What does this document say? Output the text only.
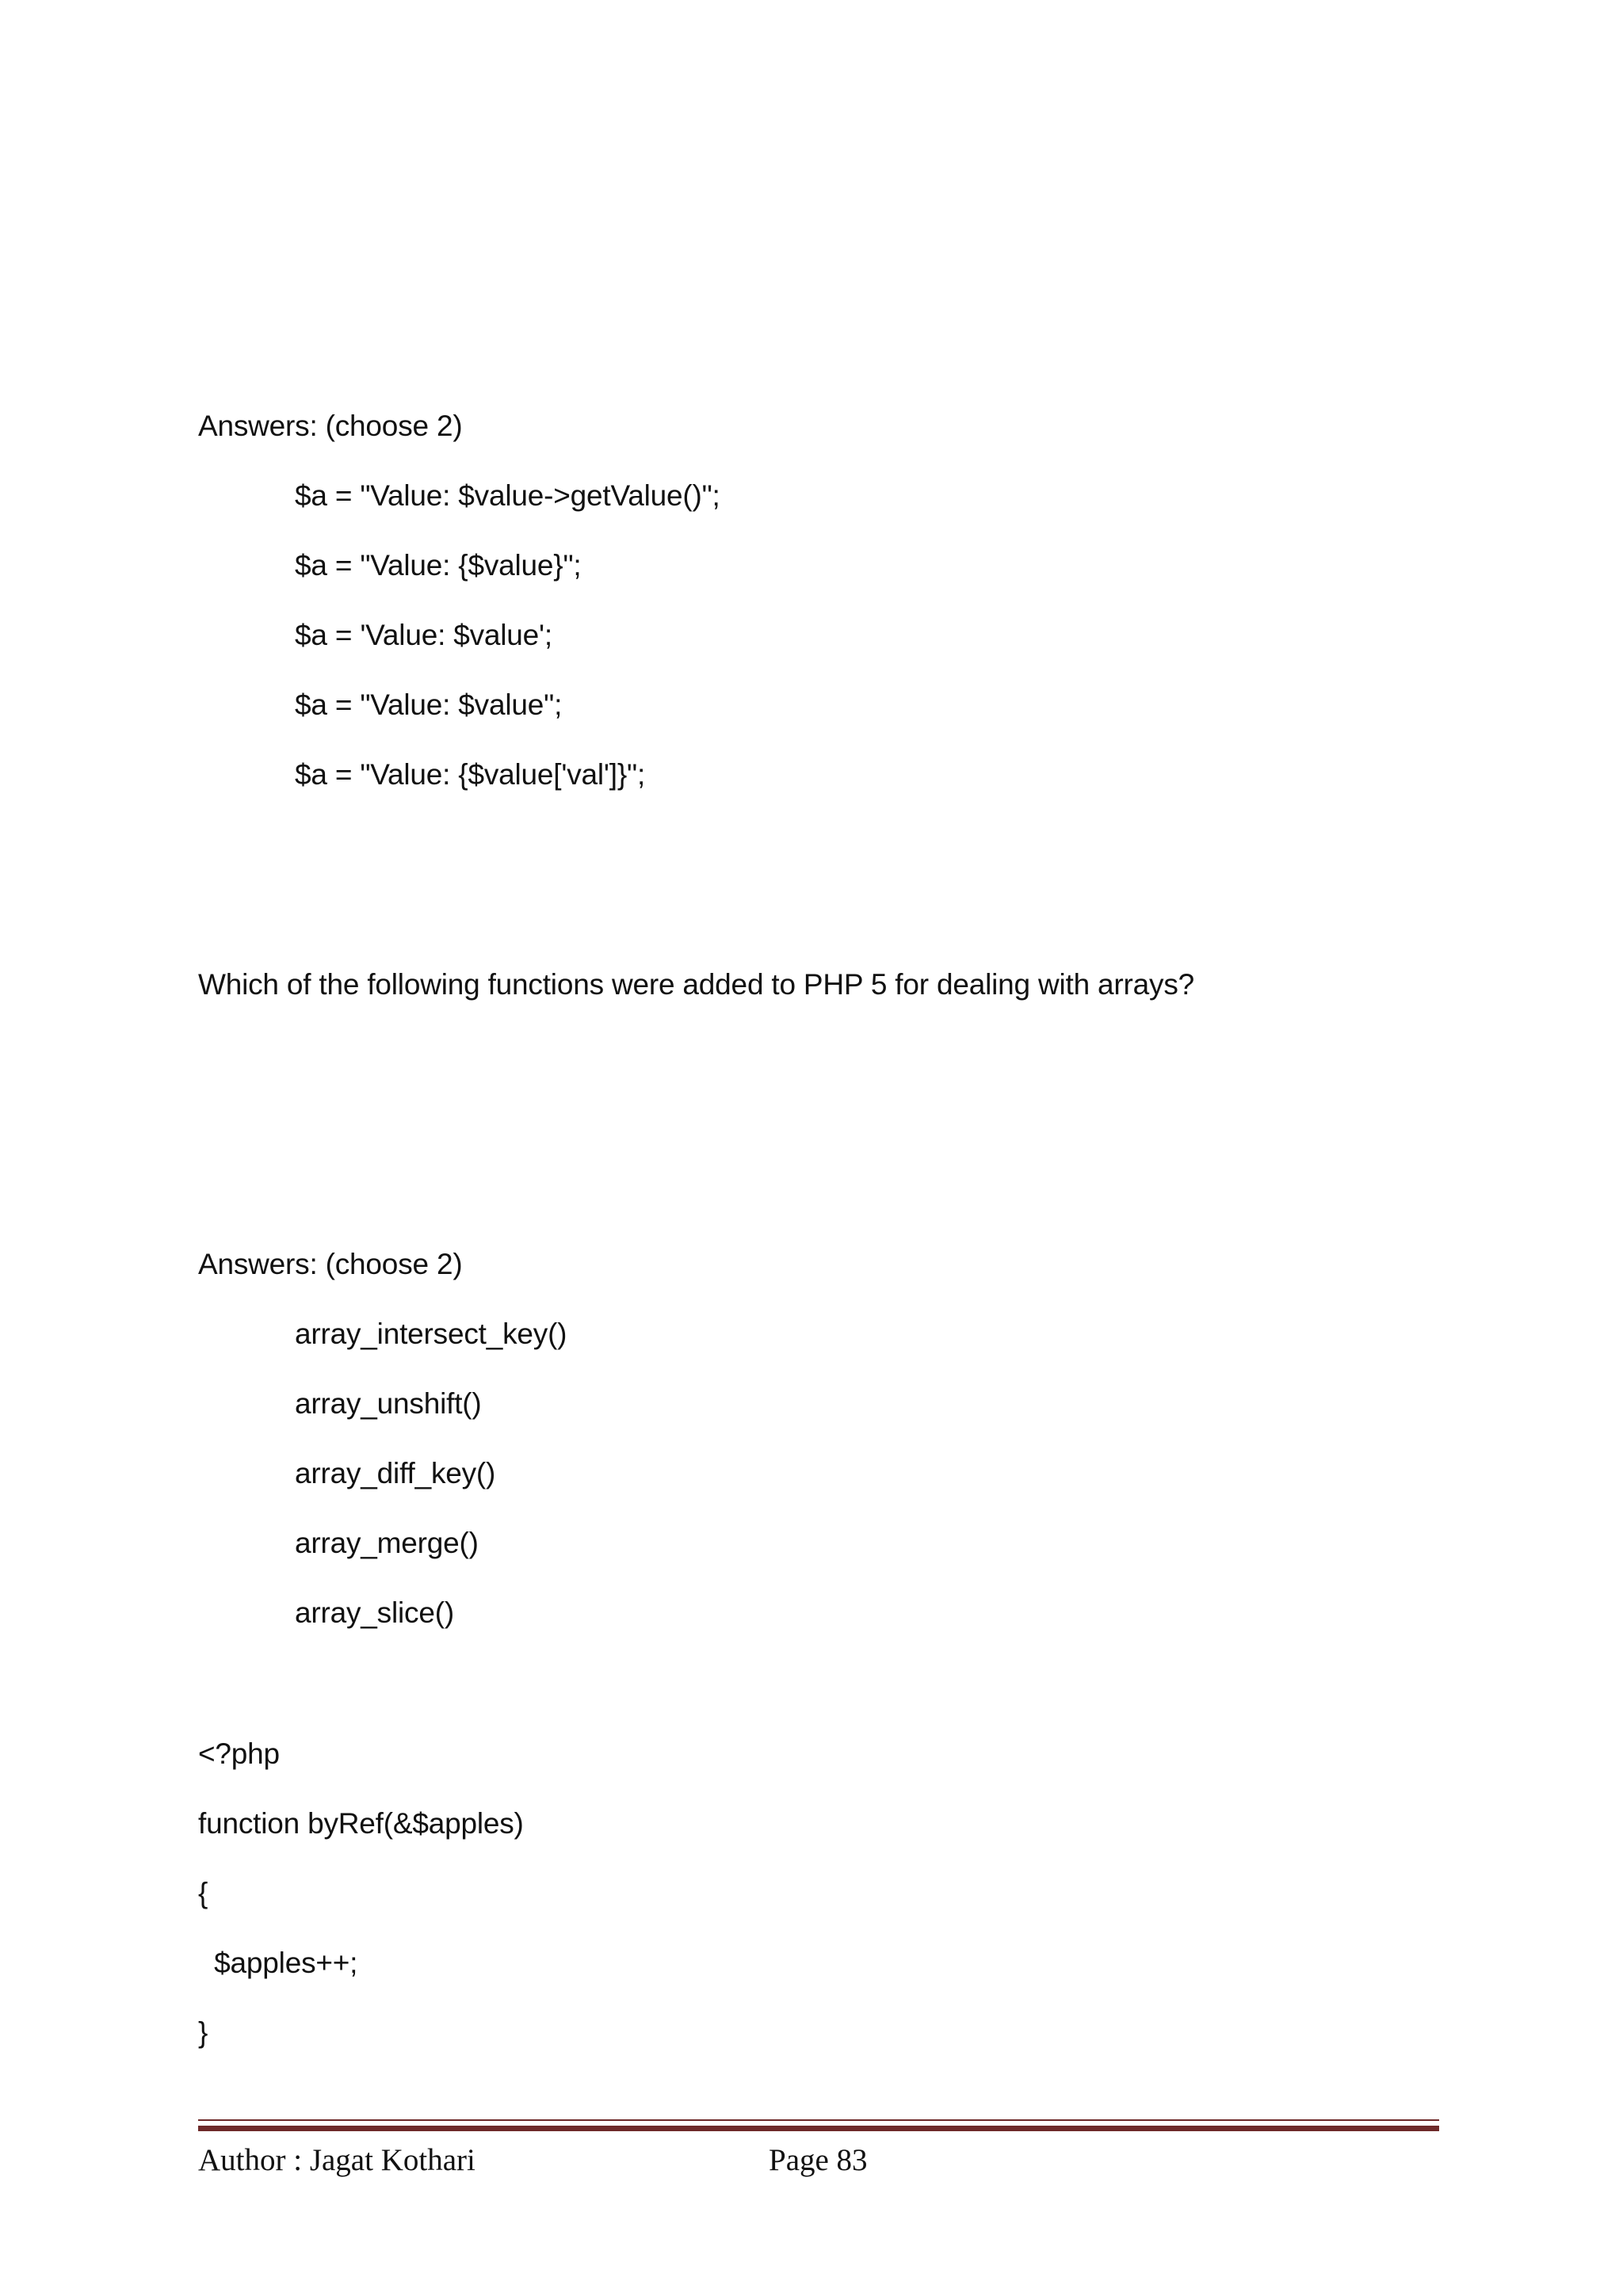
Answers: (choose 2)
$a = "Value: $value->getValue()";
$a = "Value: {$value}";
$a = 'Value: $value';
$a = "Value: $value";
$a = "Value: {$value['val']}";
Which of the following functions were added to PHP 5 for dealing with arrays?
Answers: (choose 2)
array_intersect_key()
array_unshift()
array_diff_key()
array_merge()
array_slice()
<?php
function byRef(&$apples)
{
$apples++;
}
Author : Jagat Kothari	Page 83
